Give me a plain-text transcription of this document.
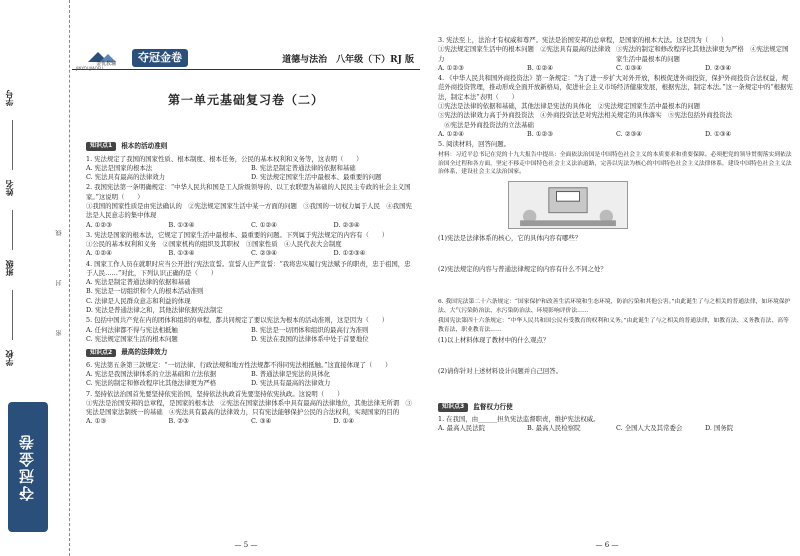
学号
姓名
班级
学校
线
封
密
夺冠金卷
金优教辅
JINYOUJIAOFU
夺冠金卷	道德与法治　八年级（下）RJ 版
第一单元基础复习卷（二）
知识点1	根本的活动准则
1. 宪法规定了我国的国家性质、根本制度、根本任务，公民的基本权利和义务等，这表明（　　）
A. 宪法是国家的根本法	B. 宪法是制定普通法律的依据和基础
C. 宪法具有最高的法律效力	D. 宪法规定国家生活中最根本、最重要的问题
2. 我国宪法第一条明确规定：“中华人民共和国是工人阶级领导的、以工农联盟为基础的人民民主专政的社会主义国家。”这说明（　　）
①我国的国家性质是由宪法确认的　②宪法规定国家生活中某一方面的问题　③我国的一切权力属于人民　④我国宪法是人民意志的集中体现
A. ①②③	B. ①③④	C. ①②④	D. ②③④
3. 宪法是国家的根本法，它规定了国家生活中最根本、最重要的问题。下列属于宪法规定的内容有（　　）
①公民的基本权利和义务　②国家机构的组织及其职权　③国家性质　④人民代表大会制度
A. ①②④	B. ①③④	C. ②③④	D. ①②③④
4. 国家工作人员在就职时应当公开进行宪法宣誓。宣誓人庄严宣誓：“我将忠实履行宪法赋予的职责，忠于祖国，忠于人民……”对此，下列认识正确的是（　　）
A. 宪法是制定普通法律的依据和基础
B. 宪法是一切组织和个人的根本活动准则
C. 法律是人民群众意志和利益的体现
D. 宪法是普通法律之和，其他法律依据宪法制定
5. 包括中国共产党在内的团体和组织的章程，都共同规定了要以宪法为根本的活动准则，这是因为（　　）
A. 任何法律都不得与宪法相抵触	B. 宪法是一切团体和组织的最高行为准则
C. 宪法规定国家生活的根本问题	D. 宪法在我国的法律体系中处于首要地位
知识点2	最高的法律效力
6. 宪法第五条第三款规定：“一切法律、行政法规和地方性法规都不得同宪法相抵触。”这直接体现了（　　）
A. 宪法是我国法律体系的立法基础和立法依据	B. 普通法律是宪法的具体化
C. 宪法的制定和修改程序比其他法律更为严格	D. 宪法具有最高的法律效力
7. 坚持依法治国首先要坚持依宪治国，坚持依法执政首先要坚持依宪执政。这说明（　　）
①宪法是治国安邦的总章程，是国家的根本法　②宪法在国家法律体系中具有最高的法律地位，其他法律无所谓　③宪法是国家法制统一的基础　④宪法具有最高的法律效力，只有宪法能够保护公民的合法权利，实现国家的目的
A. ①③	B. ②③	C. ③④	D. ①④
— 5 —
3. 宪法至上，法治才有权威和尊严。宪法是治国安邦的总章程，是国家的根本大法。这是因为（　　）
①宪法规定国家生活中的根本问题　②宪法具有最高的法律效力
③宪法的制定和修改程序比其他法律更为严格　④宪法规定国家生活中最根本的问题
A. ①②③	B. ①②④	C. ①③④	D. ②③④
4. 《中华人民共和国外商投资法》第一条规定：“为了进一步扩大对外开放，积极促进外商投资，保护外商投资合法权益，规范外商投资管理，推动形成全面开放新格局，促进社会主义市场经济健康发展，根据宪法，制定本法。”这一条规定中的“根据宪法，制定本法”表明（　　）
①宪法是法律的依据和基础，其他法律是宪法的具体化　②宪法规定国家生活中最根本的问题
③宪法的法律效力高于外商投资法　④外商投资法是对宪法相关规定的具体落实　⑤宪法包括外商投资法
　⑥宪法是外商投资法的立法基础
A. ①②④	B. ①②③	C. ②③④	D. ①③④
5. 阅读材料，回答问题。
材料：习近平总书记在党的十九大报告中提出：全面依法治国是中国特色社会主义的本质要求和重要保障。必须把党的领导贯彻落实到依法治国全过程和各方面，坚定不移走中国特色社会主义法治道路，完善以宪法为核心的中国特色社会主义法律体系，建设中国特色社会主义法治体系，建设社会主义法治国家。
(1)宪法是法律体系的核心，它的具体内容有哪些？
(2)宪法规定的内容与普通法律规定的内容有什么不同之处？
6. 我国宪法第二十六条规定：“国家保护和改善生活环境和生态环境，防治污染和其他公害。”由此诞生了与之相关的普通法律，如环境保护法、大气污染防治法、水污染防治法、环境影响评价法……
我国宪法第四十六条规定：“中华人民共和国公民有受教育的权利和义务。”由此诞生了与之相关的普通法律，如教育法、义务教育法、高等教育法、职业教育法……
(1)以上材料体现了教材中的什么观点？
(2)请你针对上述材料设计问题并自己回答。
知识点3	监督权力行使
1. 在我国，由______担负宪法监督职责，维护宪法权威。
A. 最高人民法院	B. 最高人民检察院	C. 全国人大及其常委会	D. 国务院
— 6 —
